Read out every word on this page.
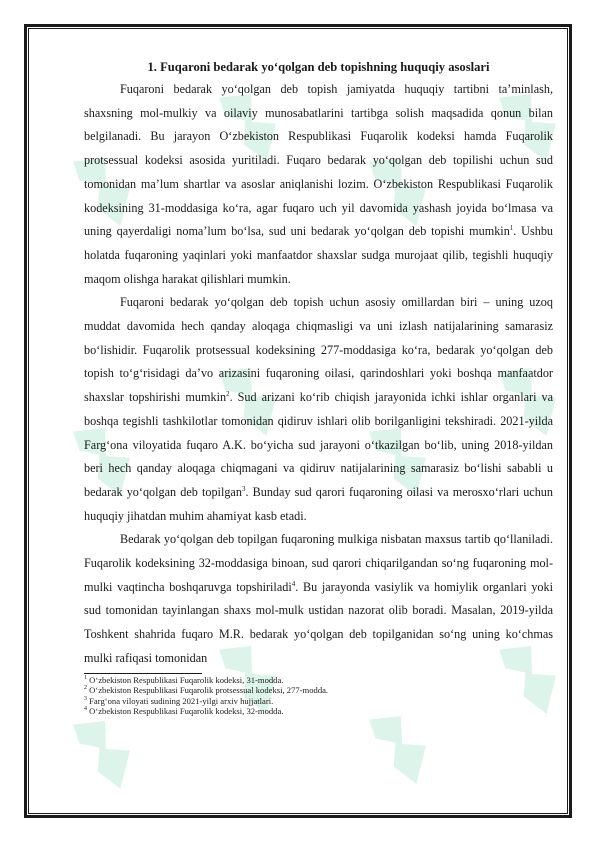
1. Fuqaroni bedarak yo‘qolgan deb topishning huquqiy asoslari

Fuqaroni bedarak yo‘qolgan deb topish jamiyatda huquqiy tartibni ta’minlash, shaxsning mol-mulkiy va oilaviy munosabatlarini tartibga solish maqsadida qonun bilan belgilanadi. Bu jarayon O‘zbekiston Respublikasi Fuqarolik kodeksi hamda Fuqarolik protsessual kodeksi asosida yuritiladi. Fuqaro bedarak yo‘qolgan deb topilishi uchun sud tomonidan ma’lum shartlar va asoslar aniqlanishi lozim. O‘zbekiston Respublikasi Fuqarolik kodeksining 31-moddasiga ko‘ra, agar fuqaro uch yil davomida yashash joyida bo‘lmasa va uning qayerdaligi noma’lum bo‘lsa, sud uni bedarak yo‘qolgan deb topishi mumkin$^1$. Ushbu holatda fuqaroning yaqinlari yoki manfaatdor shaxslar sudga murojaat qilib, tegishli huquqiy maqom olishga harakat qilishlari mumkin.

Fuqaroni bedarak yo‘qolgan deb topish uchun asosiy omillardan biri – uning uzoq muddat davomida hech qanday aloqaga chiqmasligi va uni izlash natijalarining samarasiz bo‘lishidir. Fuqarolik protsessual kodeksining 277-moddasiga ko‘ra, bedarak yo‘qolgan deb topish to‘g‘risidagi da’vo arizasini fuqaroning oilasi, qarindoshlari yoki boshqa manfaatdor shaxslar topshirishi mumkin$^2$. Sud arizani ko‘rib chiqish jarayonida ichki ishlar organlari va boshqa tegishli tashkilotlar tomonidan qidiruv ishlari olib borilganligini tekshiradi. 2021-yilda Farg‘ona viloyatida fuqaro A.K. bo‘yicha sud jarayoni o‘tkazilgan bo‘lib, uning 2018-yildan beri hech qanday aloqaga chiqmagani va qidiruv natijalarining samarasiz bo‘lishi sababli u bedarak yo‘qolgan deb topilgan$^3$. Bunday sud qarori fuqaroning oilasi va merosxo‘rlari uchun huquqiy jihatdan muhim ahamiyat kasb etadi.

Bedarak yo‘qolgan deb topilgan fuqaroning mulkiga nisbatan maxsus tartib qo‘llaniladi. Fuqarolik kodeksining 32-moddasiga binoan, sud qarori chiqarilgandan so‘ng fuqaroning mol-mulki vaqtincha boshqaruvga topshiriladi$^4$. Bu jarayonda vasiylik va homiylik organlari yoki sud tomonidan tayinlangan shaxs mol-mulk ustidan nazorat olib boradi. Masalan, 2019-yilda Toshkent shahrida fuqaro M.R. bedarak yo‘qolgan deb topilganidan so‘ng uning ko‘chmas mulki rafiqasi tomonidan

$^1$ O‘zbekiston Respublikasi Fuqarolik kodeksi, 31-modda.

$^2$ O‘zbekiston Respublikasi Fuqarolik protsessual kodeksi, 277-modda.

$^3$ Farg‘ona viloyati sudining 2021-yilgi arxiv hujjatlari.

$^4$ O‘zbekiston Respublikasi Fuqarolik kodeksi, 32-modda.
